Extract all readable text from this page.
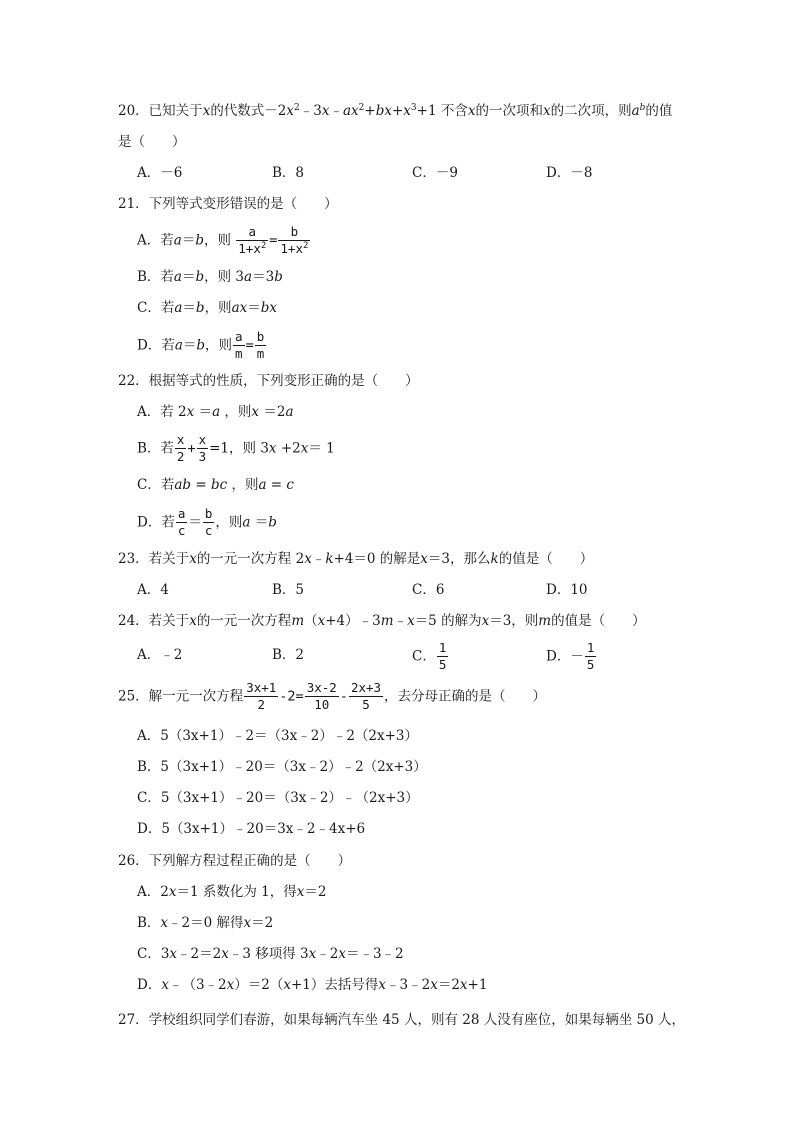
20．已知关于x的代数式$-2x^2﹣3x﹣ax^2+bx+x^3+1$ 不含x的一次项和x的二次项，则$a^b$的值
是（　　）
A．－6	B．8	C．－9	D．－8
21．下列等式变形错误的是（　　）
A．若a＝b，则 $\frac{a}{1+x^2} = \frac{b}{1+x^2}$
B．若a＝b，则 3a＝3b
C．若a＝b，则ax＝bx
D．若a＝b，则 $\frac{a}{m} = \frac{b}{m}$
22．根据等式的性质，下列变形正确的是（　　）
A．若 2x ＝a ，则x ＝2a
B．若 $\frac{x}{2} + \frac{x}{3} =1$，则 3x +2x＝ 1
C．若ab = bc ，则a = c
D．若 $\frac{a}{c} = \frac{b}{c}$ ，则a ＝b
23．若关于x的一元一次方程 2x﹣k+4＝0 的解是x＝3，那么k的值是（　　）
A．4	B．5	C．6	D．10
24．若关于x的一元一次方程m（x+4）﹣3m﹣x＝5 的解为x＝3，则m的值是（　　）
A．﹣2	B．2	C． $\frac{1}{5}$	D．－ $\frac{1}{5}$
25．解一元一次方程 $\frac{3x+1}{2} -2= \frac{3x-2}{10} - \frac{2x+3}{5}$ ，去分母正确的是（　　）
A．5（3x+1）﹣2＝（3x﹣2）﹣2（2x+3）
B．5（3x+1）﹣20＝（3x﹣2）﹣2（2x+3）
C．5（3x+1）﹣20＝（3x﹣2）﹣（2x+3）
D．5（3x+1）﹣20＝3x﹣2﹣4x+6
26．下列解方程过程正确的是（　　）
A．2x＝1 系数化为 1，得x＝2
B．x﹣2＝0 解得x＝2
C．3x﹣2＝2x﹣3 移项得 3x﹣2x＝﹣3﹣2
D．x﹣（3﹣2x）＝2（x+1）去括号得x﹣3﹣2x＝2x+1
27．学校组织同学们春游，如果每辆汽车坐 45 人，则有 28 人没有座位，如果每辆坐 50 人，
